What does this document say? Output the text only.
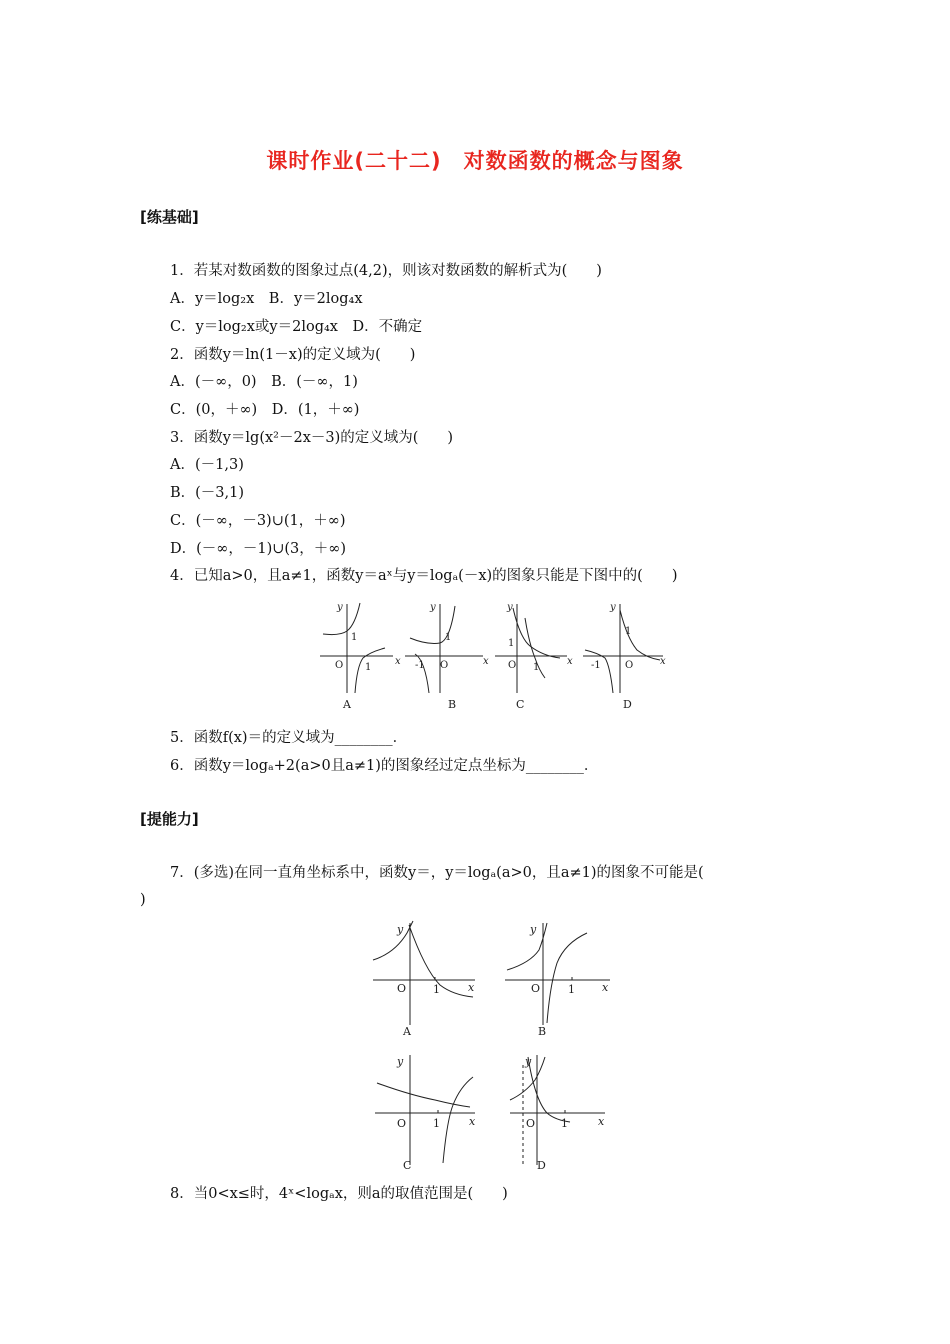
课时作业(二十二)　对数函数的概念与图象
[练基础]
1．若某对数函数的图象过点(4,2)，则该对数函数的解析式为(　　)
A．y＝log₂x　B．y＝2log₄x
C．y＝log₂x或y＝2log₄x　D．不确定
2．函数y＝ln(1－x)的定义域为(　　)
A．(－∞，0)　B．(－∞，1)
C．(0，＋∞)　D．(1，＋∞)
3．函数y＝lg(x²－2x－3)的定义域为(　　)
A．(－1,3)
B．(－3,1)
C．(－∞，－3)∪(1，＋∞)
D．(－∞，－1)∪(3，＋∞)
4．已知a>0，且a≠1，函数y＝aˣ与y＝logₐ(－x)的图象只能是下图中的(　　)
y
x
O
1
1
A
y
x
O
-1
1
B
y
x
O
1
1
C
y
x
O
-1
1
D
5．函数f(x)＝的定义域为________．
6．函数y＝logₐ+2(a>0且a≠1)的图象经过定点坐标为________．
[提能力]
7．(多选)在同一直角坐标系中，函数y＝，y＝logₐ(a>0，且a≠1)的图象不可能是(
)
y
x
O 1
A
y
x
O	1
B
y
x
O 1
C
y
x
O 1
D
8．当0<x≤时，4ˣ<logₐx，则a的取值范围是(　　)
